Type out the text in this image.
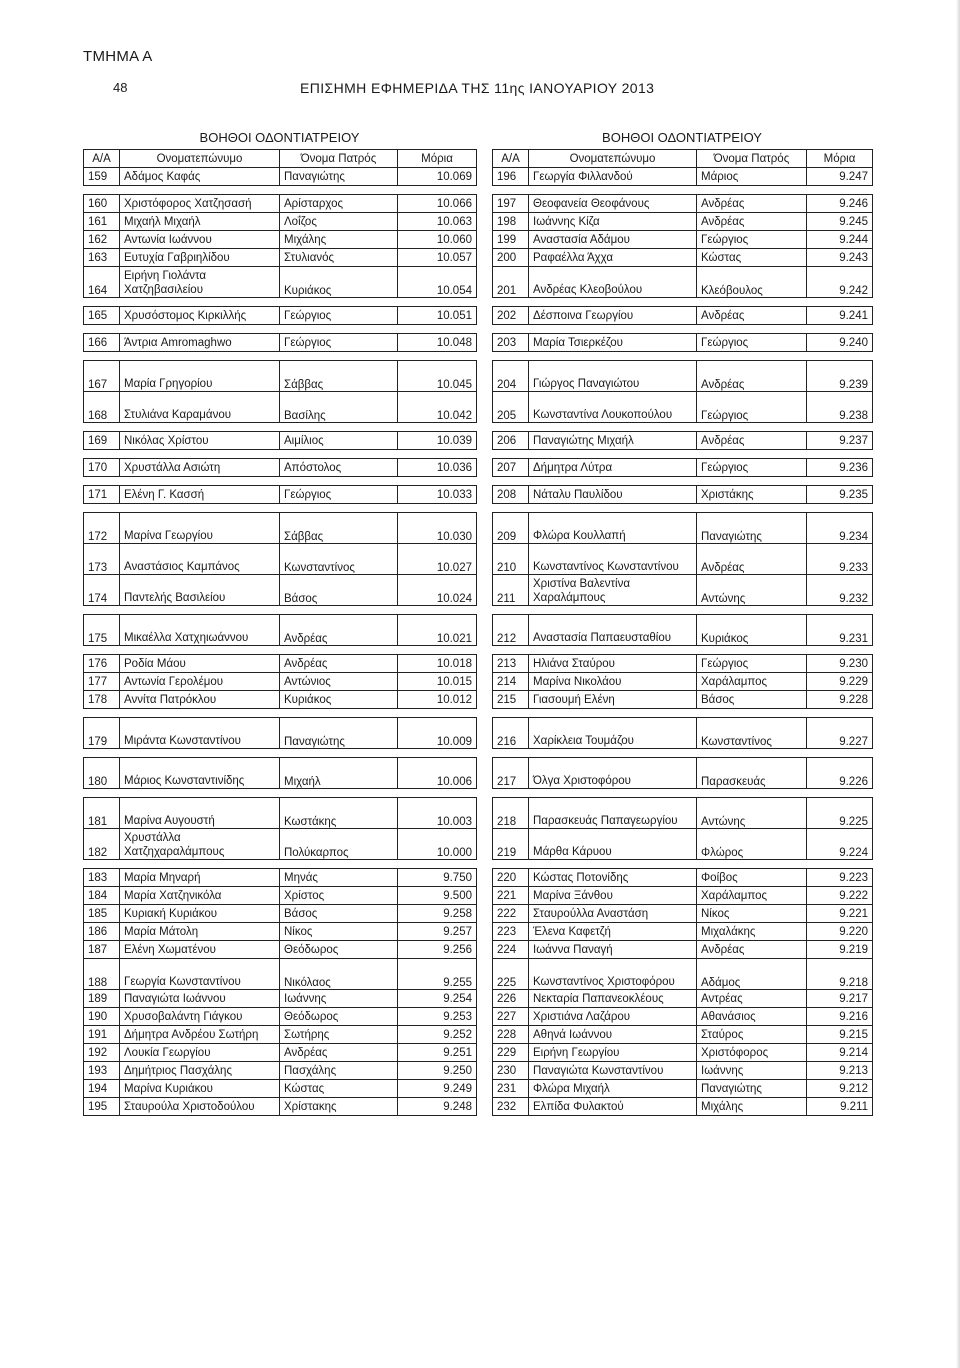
ΤΜΗΜΑ Α
48	ΕΠΙΣΗΜΗ ΕΦΗΜΕΡΙΔΑ ΤΗΣ 11ης ΙΑΝΟΥΑΡΙΟΥ 2013
ΒΟΗΘΟΙ ΟΔΟΝΤΙΑΤΡΕΙΟΥ
Α/Α	Ονοματεπώνυμο	Όνομα Πατρός	Μόρια
159	Αδάμος Καφάς	Παναγιώτης	10.069

160	Χριστόφορος Χατζησασή	Αρίσταρχος	10.066
161	Μιχαήλ Μιχαήλ	Λοΐζος	10.063
162	Αντωνία Ιωάννου	Μιχάλης	10.060
163	Ευτυχία Γαβριηλίδου	Στυλιανός	10.057
164	Ειρήνη Γιολάντα Χατζηβασιλείου	Κυριάκος	10.054

165	Χρυσόστομος Κιρκιλλής	Γεώργιος	10.051

166	Άντρια Amromaghwo	Γεώργιος	10.048

167	Μαρία Γρηγορίου	Σάββας	10.045
168	Στυλιάνα Καραμάνου	Βασίλης	10.042

169	Νικόλας Χρίστου	Αιμίλιος	10.039

170	Χρυστάλλα Ασιώτη	Απόστολος	10.036

171	Ελένη Γ. Κασσή	Γεώργιος	10.033

172	Μαρίνα Γεωργίου	Σάββας	10.030
173	Αναστάσιος Καμπάνος	Κωνσταντίνος	10.027
174	Παντελής Βασιλείου	Βάσος	10.024

175	Μικαέλλα Χατχηιωάννου	Ανδρέας	10.021

176	Ροδία Μάου	Ανδρέας	10.018
177	Αντωνία Γερολέμου	Αντώνιος	10.015
178	Αννίτα Πατρόκλου	Κυριάκος	10.012

179	Μιράντα Κωνσταντίνου	Παναγιώτης	10.009

180	Μάριος Κωνσταντινίδης	Μιχαήλ	10.006

181	Μαρίνα Αυγουστή	Κωστάκης	10.003
182	Χρυστάλλα Χατζηχαραλάμπους	Πολύκαρπος	10.000

183	Μαρία Μηναρή	Μηνάς	9.750
184	Μαρία Χατζηνικόλα	Χρίστος	9.500
185	Κυριακή Κυριάκου	Βάσος	9.258
186	Μαρία Μάτολη	Νίκος	9.257
187	Ελένη Χωματένου	Θεόδωρος	9.256
188	Γεωργία Κωνσταντίνου	Νικόλαος	9.255
189	Παναγιώτα Ιωάννου	Ιωάννης	9.254
190	Χρυσοβαλάντη Γιάγκου	Θεόδωρος	9.253
191	Δήμητρα Ανδρέου Σωτήρη	Σωτήρης	9.252
192	Λουκία Γεωργίου	Ανδρέας	9.251
193	Δημήτριος Πασχάλης	Πασχάλης	9.250
194	Μαρίνα Κυριάκου	Κώστας	9.249
195	Σταυρούλα Χριστοδούλου	Χρίστακης	9.248
ΒΟΗΘΟΙ ΟΔΟΝΤΙΑΤΡΕΙΟΥ
Α/Α	Ονοματεπώνυμο	Όνομα Πατρός	Μόρια
196	Γεωργία Φιλλανδού	Μάριος	9.247

197	Θεοφανεία Θεοφάνους	Ανδρέας	9.246
198	Ιωάννης Κίζα	Ανδρέας	9.245
199	Αναστασία Αδάμου	Γεώργιος	9.244
200	Ραφαέλλα Άχχα	Κώστας	9.243
201	Ανδρέας Κλεοβούλου	Κλεόβουλος	9.242

202	Δέσποινα Γεωργίου	Ανδρέας	9.241

203	Μαρία Τσιερκέζου	Γεώργιος	9.240

204	Γιώργος Παναγιώτου	Ανδρέας	9.239
205	Κωνσταντίνα Λουκοπούλου	Γεώργιος	9.238

206	Παναγιώτης Μιχαήλ	Ανδρέας	9.237

207	Δήμητρα Λύτρα	Γεώργιος	9.236

208	Νάταλυ Παυλίδου	Χριστάκης	9.235

209	Φλώρα Κουλλαπή	Παναγιώτης	9.234
210	Κωνσταντίνος Κωνσταντίνου	Ανδρέας	9.233
211	Χριστίνα Βαλεντίνα Χαραλάμπους	Αντώνης	9.232

212	Αναστασία Παπαευσταθίου	Κυριάκος	9.231

213	Ηλιάνα Σταύρου	Γεώργιος	9.230
214	Μαρίνα Νικολάου	Χαράλαμπος	9.229
215	Γιασουμή Ελένη	Βάσος	9.228

216	Χαρίκλεια Τουμάζου	Κωνσταντίνος	9.227

217	Όλγα Χριστοφόρου	Παρασκευάς	9.226

218	Παρασκευάς Παπαγεωργίου	Αντώνης	9.225
219	Μάρθα Κάρυου	Φλώρος	9.224

220	Κώστας Ποτονίδης	Φοίβος	9.223
221	Μαρίνα Ξάνθου	Χαράλαμπος	9.222
222	Σταυρούλλα Αναστάση	Νίκος	9.221
223	Έλενα Καφετζή	Μιχαλάκης	9.220
224	Ιωάννα Παναγή	Ανδρέας	9.219
225	Κωνσταντίνος Χριστοφόρου	Αδάμος	9.218
226	Νεκταρία Παπανεοκλέους	Αντρέας	9.217
227	Χριστιάνα Λαζάρου	Αθανάσιος	9.216
228	Αθηνά Ιωάννου	Σταύρος	9.215
229	Ειρήνη Γεωργίου	Χριστόφορος	9.214
230	Παναγιώτα Κωνσταντίνου	Ιωάννης	9.213
231	Φλώρα Μιχαήλ	Παναγιώτης	9.212
232	Ελπίδα Φυλακτού	Μιχάλης	9.211
